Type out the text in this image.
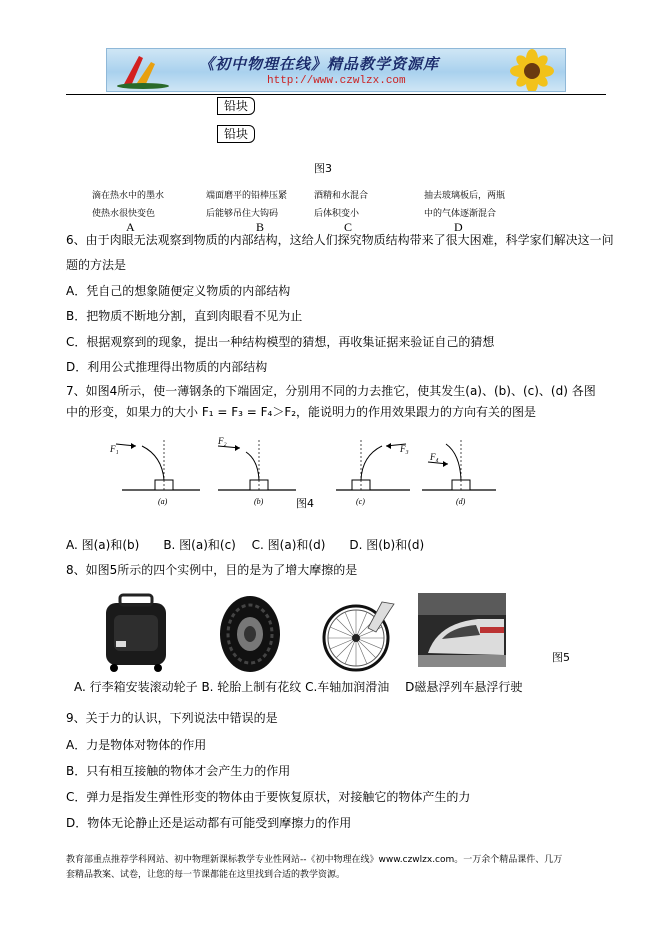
《初中物理在线》精品教学资源库
http://www.czwlzx.com
铅块
铅块
图3
滴在热水中的墨水
使热水很快变色
A
端面磨平的铅棒压紧
后能够吊住大钩码
B
酒精和水混合
后体积变小
C
抽去玻璃板后，两瓶
中的气体逐渐混合
D
6、由于肉眼无法观察到物质的内部结构，这给人们探究物质结构带来了很大困难，科学家们解决这一问
题的方法是
A．凭自己的想象随便定义物质的内部结构
B．把物质不断地分割，直到肉眼看不见为止
C．根据观察到的现象，提出一种结构模型的猜想，再收集证据来验证自己的猜想
D．利用公式推理得出物质的内部结构
7、如图4所示，使一薄钢条的下端固定，分别用不同的力去推它，使其发生(a)、(b)、(c)、(d) 各图
中的形变，如果力的大小 F₁ = F₃ = F₄＞F₂，能说明力的作用效果跟力的方向有关的图是
F₁
(a)
F₂
(b)
F₃
(c)
F₄
(d)
图4
A. 图(a)和(b)　　B. 图(a)和(c)　 C. 图(a)和(d)　　D. 图(b)和(d)
8、如图5所示的四个实例中，目的是为了增大摩擦的是
图5
A. 行李箱安装滚动轮子 B. 轮胎上制有花纹 C.车轴加润滑油　 D磁悬浮列车悬浮行驶
9、关于力的认识，下列说法中错误的是
A．力是物体对物体的作用
B．只有相互接触的物体才会产生力的作用
C．弹力是指发生弹性形变的物体由于要恢复原状，对接触它的物体产生的力
D．物体无论静止还是运动都有可能受到摩擦力的作用
教育部重点推荐学科网站、初中物理新课标教学专业性网站--《初中物理在线》www.czwlzx.com。一万余个精品课件、几万
套精品教案、试卷，让您的每一节课都能在这里找到合适的教学资源。
